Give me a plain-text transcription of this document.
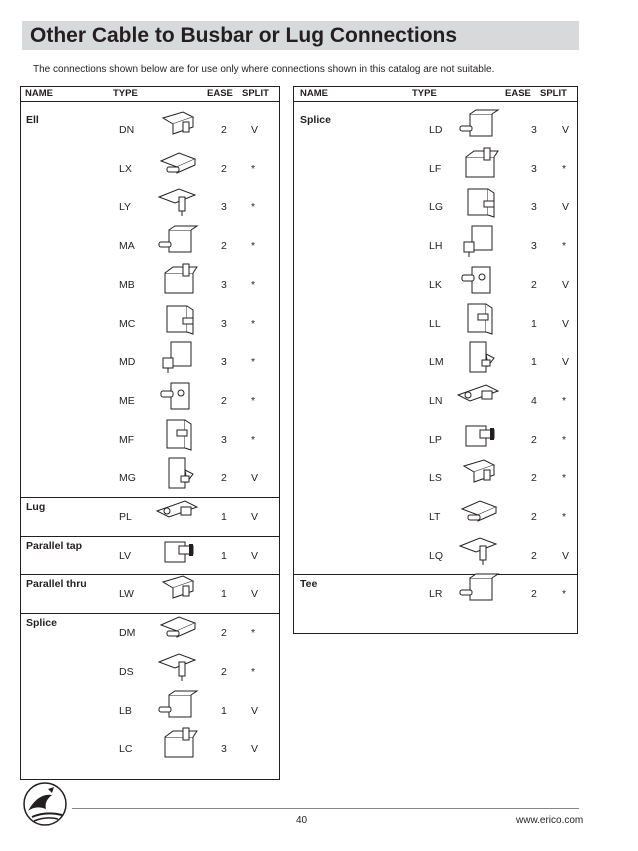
Other Cable to Busbar or Lug Connections

The connections shown below are for use only where connections shown in this catalog are not suitable.

NAME	TYPE	EASE SPLIT
Ell
DN	2 V
LX	2 *
LY	3 *
MA	2 *
MB	3 *
MC	3 *
MD	3 *
ME	2 *
MF	3 *
MG	2 V
Lug
PL	1 V
Parallel tap
LV	1 V
Parallel thru
LW	1 V
Splice
DM	2 *
DS	2 *
LB	1 V
LC	3 V
NAME	TYPE	EASE SPLIT
Splice
LD	3 V
LF	3 *
LG	3 V
LH	3 *
LK	2 V
LL	1 V
LM	1 V
LN	4 *
LP	2 *
LS	2 *
LT	2 *
LQ	2 V
Tee
LR	2 *
40	www.erico.com
